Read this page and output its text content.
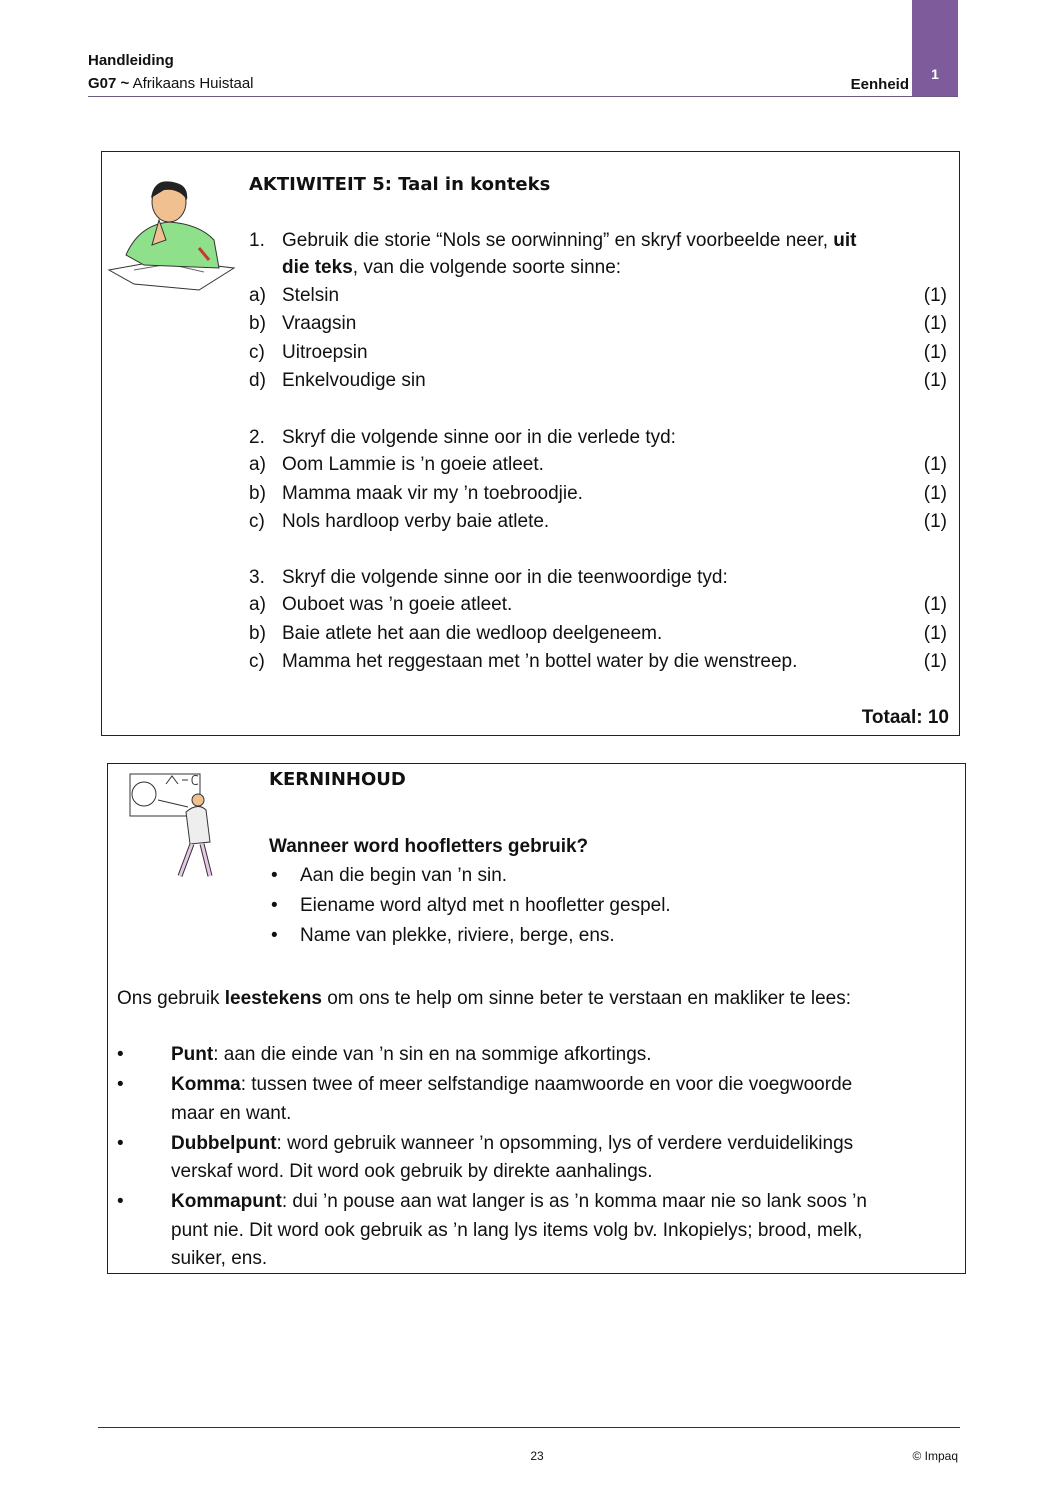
Handleiding
G07 ~ Afrikaans Huistaal	Eenheid
1
AKTIWITEIT 5: Taal in konteks
1. Gebruik die storie “Nols se oorwinning” en skryf voorbeelde neer, uit
die teks, van die volgende soorte sinne:
a) Stelsin	(1)
b) Vraagsin	(1)
c) Uitroepsin	(1)
d) Enkelvoudige sin	(1)
2. Skryf die volgende sinne oor in die verlede tyd:
a) Oom Lammie is ’n goeie atleet.	(1)
b) Mamma maak vir my ’n toebroodjie.	(1)
c) Nols hardloop verby baie atlete.	(1)
3. Skryf die volgende sinne oor in die teenwoordige tyd:
a) Ouboet was ’n goeie atleet.	(1)
b) Baie atlete het aan die wedloop deelgeneem.	(1)
c) Mamma het reggestaan met ’n bottel water by die wenstreep.	(1)
Totaal: 10
KERNINHOUD
Wanneer word hoofletters gebruik?
• Aan die begin van ’n sin.
• Eiename word altyd met n hoofletter gespel.
• Name van plekke, riviere, berge, ens.
Ons gebruik leestekens om ons te help om sinne beter te verstaan en makliker te lees:
• Punt: aan die einde van ’n sin en na sommige afkortings.
• Komma: tussen twee of meer selfstandige naamwoorde en voor die voegwoorde
maar en want.
• Dubbelpunt: word gebruik wanneer ’n opsomming, lys of verdere verduidelikings
verskaf word. Dit word ook gebruik by direkte aanhalings.
• Kommapunt: dui ’n pouse aan wat langer is as ’n komma maar nie so lank soos ’n
punt nie. Dit word ook gebruik as ’n lang lys items volg bv. Inkopielys; brood, melk,
suiker, ens.
23	© Impaq
